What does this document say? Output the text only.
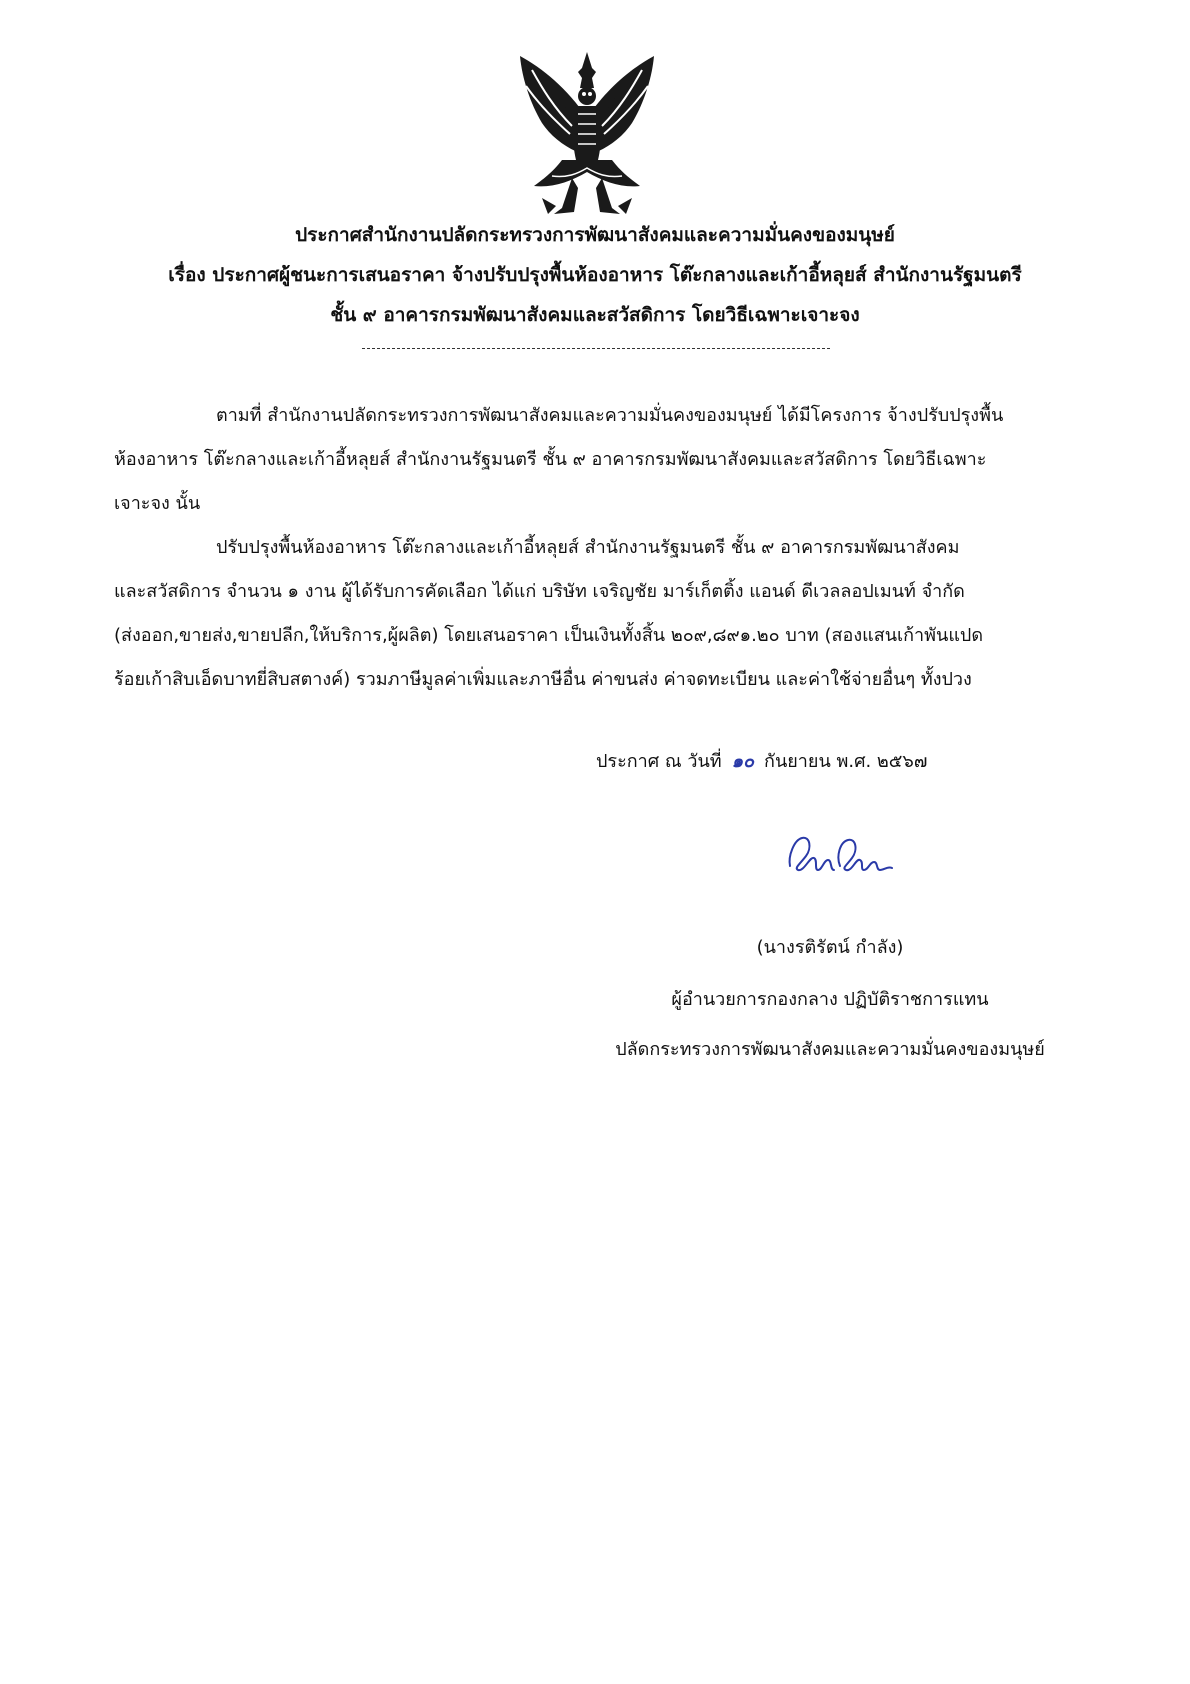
ประกาศสำนักงานปลัดกระทรวงการพัฒนาสังคมและความมั่นคงของมนุษย์
เรื่อง ประกาศผู้ชนะการเสนอราคา จ้างปรับปรุงพื้นห้องอาหาร โต๊ะกลางและเก้าอี้หลุยส์ สำนักงานรัฐมนตรี
ชั้น ๙ อาคารกรมพัฒนาสังคมและสวัสดิการ โดยวิธีเฉพาะเจาะจง
ตามที่ สำนักงานปลัดกระทรวงการพัฒนาสังคมและความมั่นคงของมนุษย์ ได้มีโครงการ จ้างปรับปรุงพื้น
ห้องอาหาร โต๊ะกลางและเก้าอี้หลุยส์ สำนักงานรัฐมนตรี ชั้น ๙ อาคารกรมพัฒนาสังคมและสวัสดิการ โดยวิธีเฉพาะ
เจาะจง นั้น
ปรับปรุงพื้นห้องอาหาร โต๊ะกลางและเก้าอี้หลุยส์ สำนักงานรัฐมนตรี ชั้น ๙ อาคารกรมพัฒนาสังคม
และสวัสดิการ จำนวน ๑ งาน ผู้ได้รับการคัดเลือก ได้แก่ บริษัท เจริญชัย มาร์เก็ตติ้ง แอนด์ ดีเวลลอปเมนท์ จำกัด
(ส่งออก,ขายส่ง,ขายปลีก,ให้บริการ,ผู้ผลิต) โดยเสนอราคา เป็นเงินทั้งสิ้น ๒๐๙,๘๙๑.๒๐ บาท (สองแสนเก้าพันแปด
ร้อยเก้าสิบเอ็ดบาทยี่สิบสตางค์) รวมภาษีมูลค่าเพิ่มและภาษีอื่น ค่าขนส่ง ค่าจดทะเบียน และค่าใช้จ่ายอื่นๆ ทั้งปวง
ประกาศ ณ วันที่ ๑๐ กันยายน พ.ศ. ๒๕๖๗
(นางรติรัตน์ กำลัง)
ผู้อำนวยการกองกลาง ปฏิบัติราชการแทน
ปลัดกระทรวงการพัฒนาสังคมและความมั่นคงของมนุษย์
